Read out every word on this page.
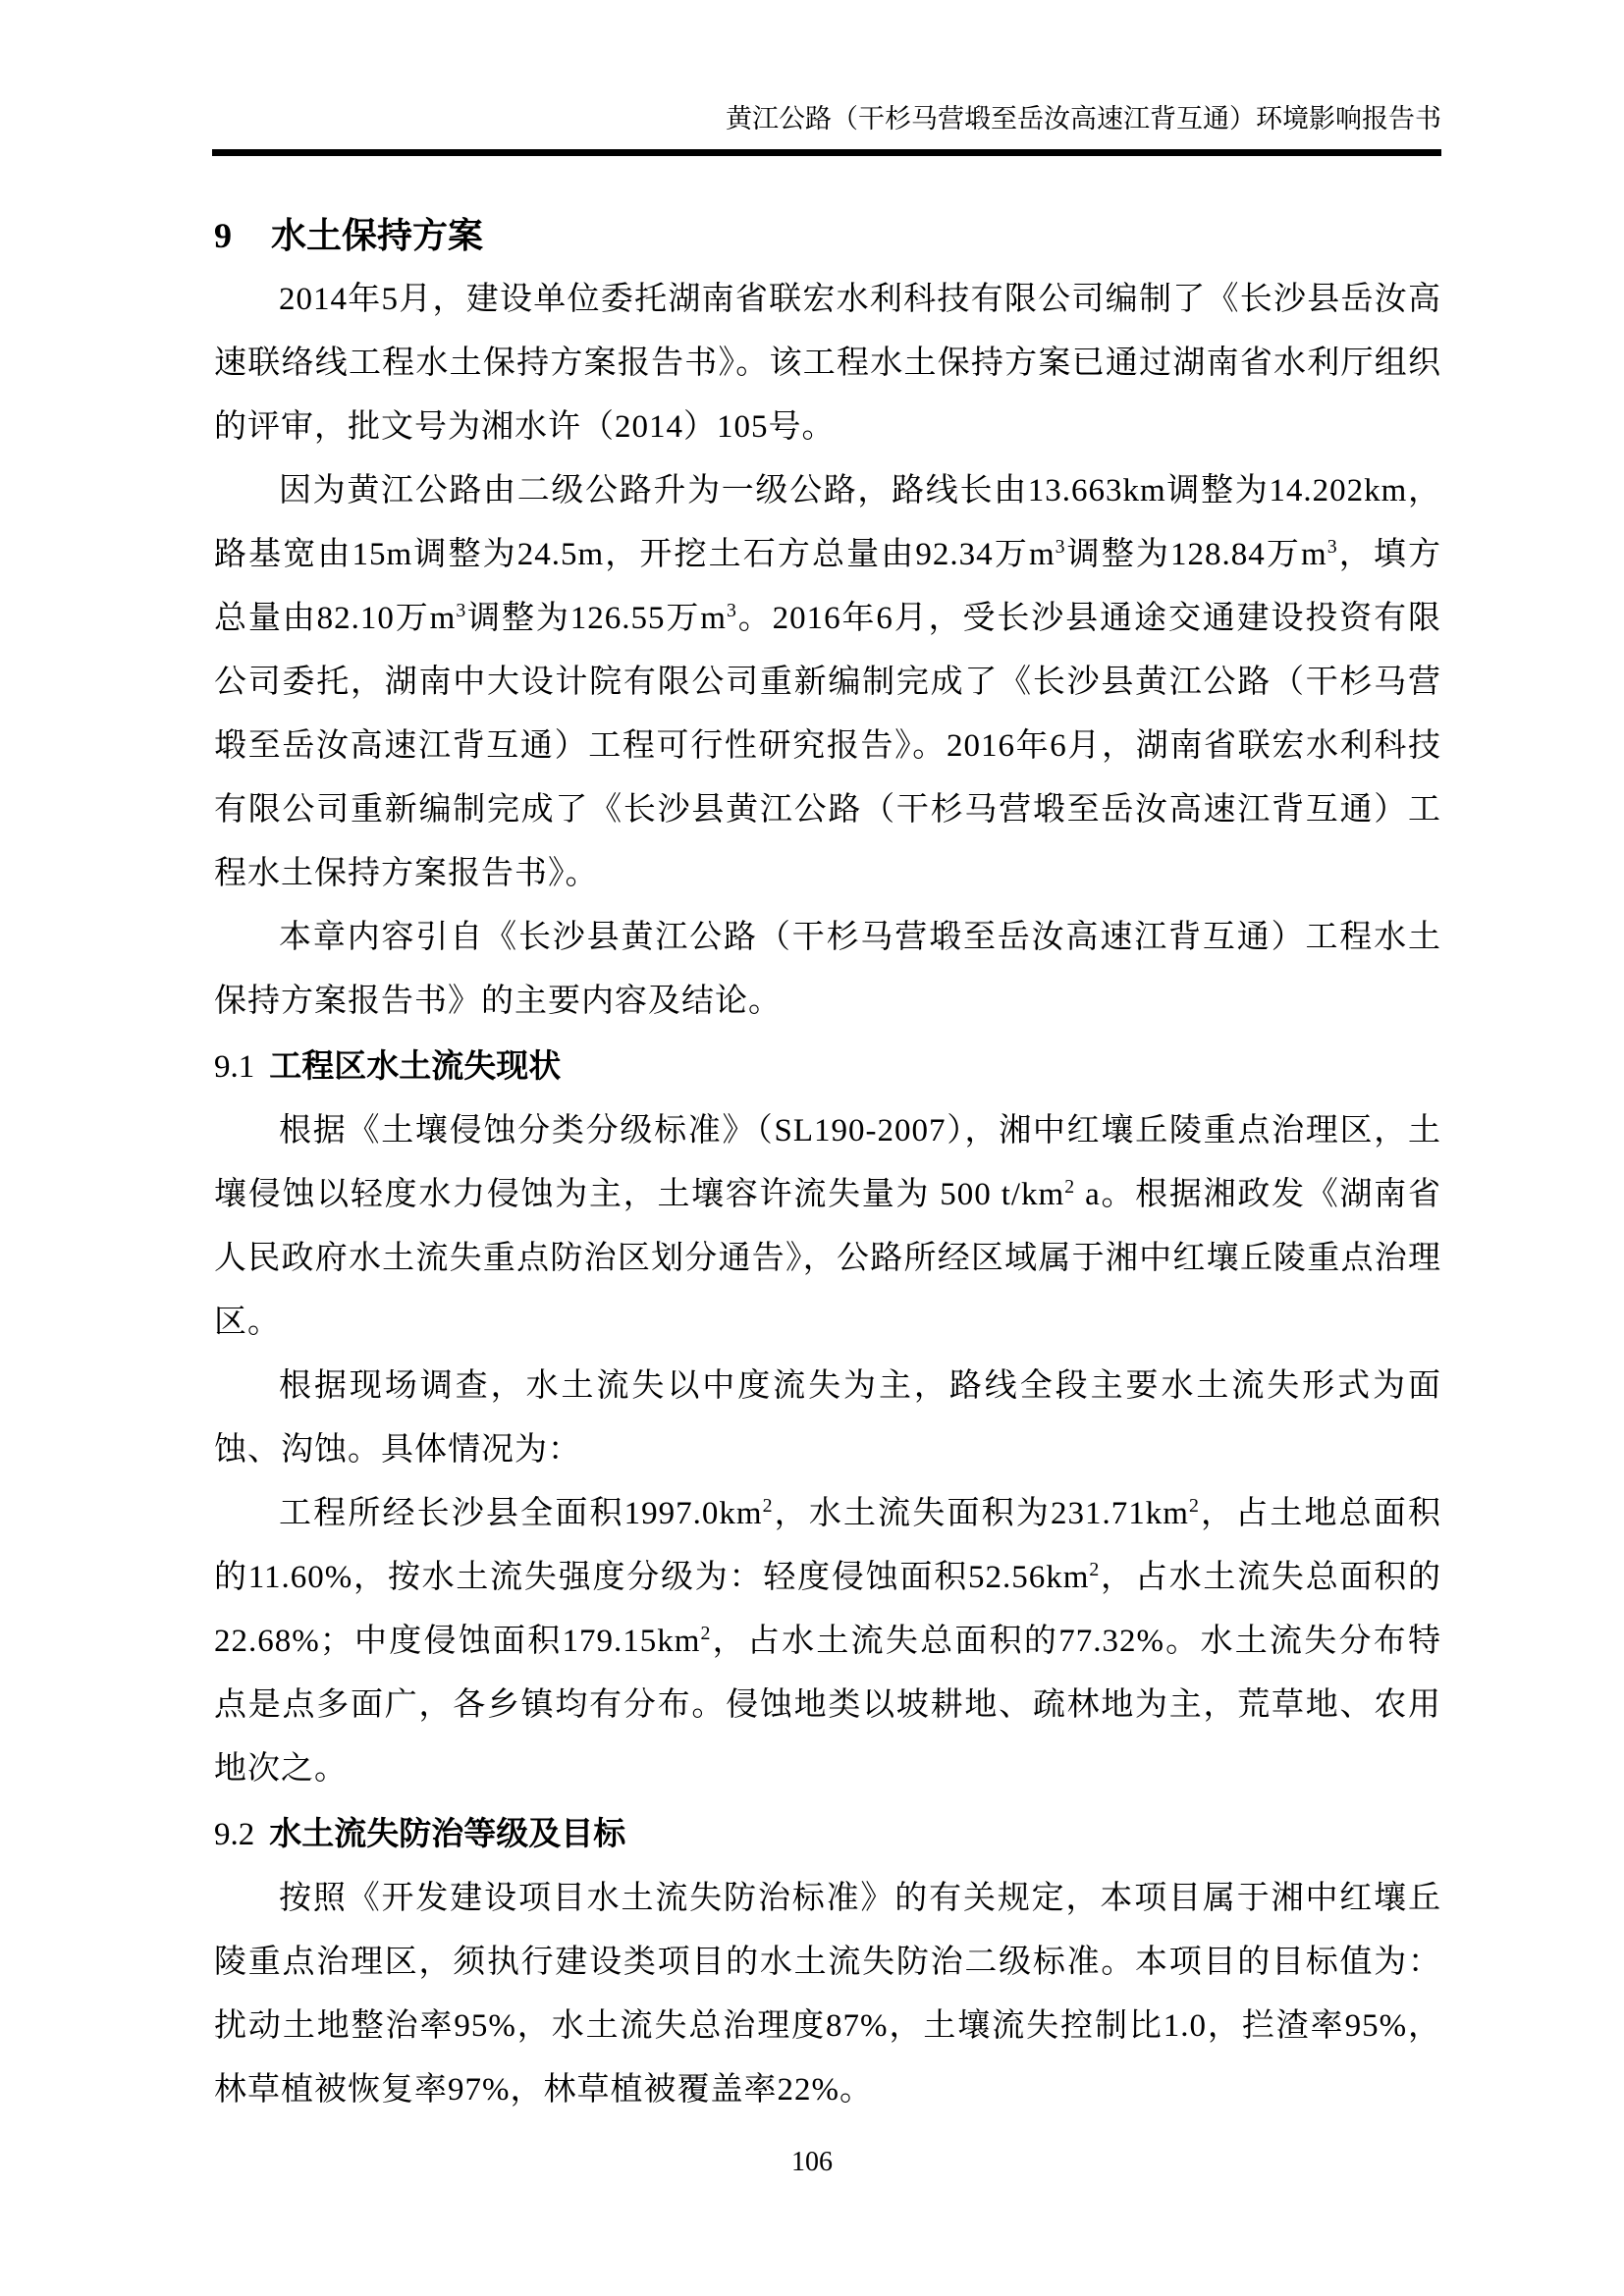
黄江公路（干杉马营塅至岳汝高速江背互通）环境影响报告书
9 水土保持方案

2014年5月，建设单位委托湖南省联宏水利科技有限公司编制了《长沙县岳汝高速联络线工程水土保持方案报告书》。该工程水土保持方案已通过湖南省水利厅组织的评审，批文号为湘水许（2014）105号。

因为黄江公路由二级公路升为一级公路，路线长由13.663km调整为14.202km，路基宽由15m调整为24.5m，开挖土石方总量由92.34万$m^3$调整为128.84万$m^3$，填方总量由82.10万$m^3$调整为126.55万$m^3$。2016年6月，受长沙县通途交通建设投资有限公司委托，湖南中大设计院有限公司重新编制完成了《长沙县黄江公路（干杉马营塅至岳汝高速江背互通）工程可行性研究报告》。2016年6月，湖南省联宏水利科技有限公司重新编制完成了《长沙县黄江公路（干杉马营塅至岳汝高速江背互通）工程水土保持方案报告书》。

本章内容引自《长沙县黄江公路（干杉马营塅至岳汝高速江背互通）工程水土保持方案报告书》的主要内容及结论。

9.1 工程区水土流失现状

根据《土壤侵蚀分类分级标准》（SL190-2007），湘中红壤丘陵重点治理区，土壤侵蚀以轻度水力侵蚀为主，土壤容许流失量为 500 $t/km^2$ a。根据湘政发《湖南省人民政府水土流失重点防治区划分通告》，公路所经区域属于湘中红壤丘陵重点治理区。

根据现场调查，水土流失以中度流失为主，路线全段主要水土流失形式为面蚀、沟蚀。具体情况为：

工程所经长沙县全面积$1997.0km^2$，水土流失面积为$231.71km^2$，占土地总面积的11.60%，按水土流失强度分级为：轻度侵蚀面积$52.56km^2$，占水土流失总面积的22.68%；中度侵蚀面积$179.15km^2$，占水土流失总面积的77.32%。水土流失分布特点是点多面广，各乡镇均有分布。侵蚀地类以坡耕地、疏林地为主，荒草地、农用地次之。

9.2 水土流失防治等级及目标

按照《开发建设项目水土流失防治标准》的有关规定，本项目属于湘中红壤丘陵重点治理区，须执行建设类项目的水土流失防治二级标准。本项目的目标值为：扰动土地整治率95%，水土流失总治理度87%，土壤流失控制比1.0，拦渣率95%，林草植被恢复率97%，林草植被覆盖率22%。

106
